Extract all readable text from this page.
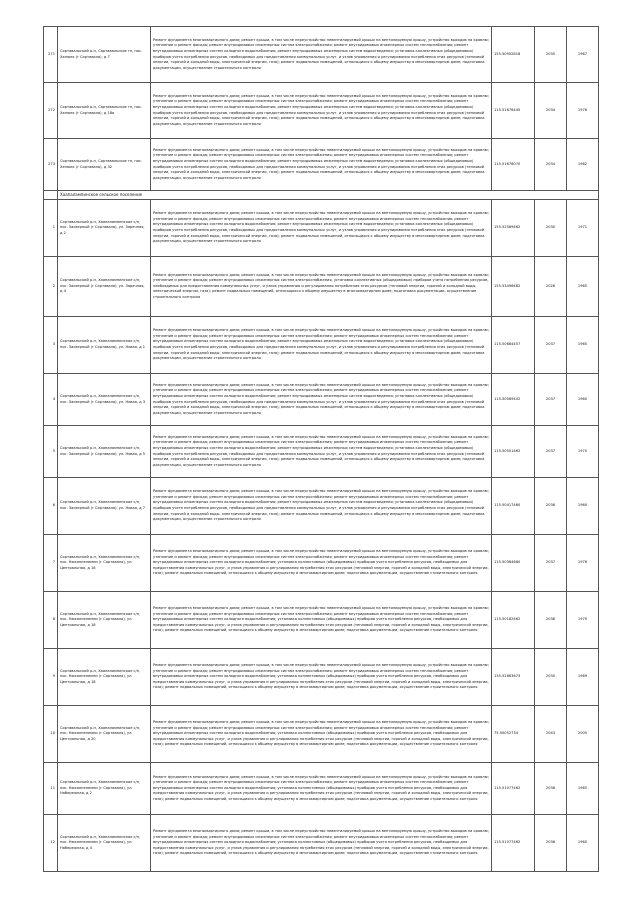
271	Сортавальский р-н, Сортавальское гп, пос. Хелюля (г Сортавала), д 7	Ремонт фундамента многоквартирного дома; ремонт крыши, в том числе переустройство невентилируемой крыши на вентилируемую крышу, устройство выходов на кровлю; утепление и ремонт фасада; ремонт внутридомовых инженерных систем электроснабжения; ремонт внутридомовых инженерных систем теплоснабжения; ремонт внутридомовых инженерных систем холодного водоснабжения; ремонт внутридомовых инженерных систем водоотведения; установка коллективных (общедомовых) приборов учета потребления ресурсов, необходимых для предоставления коммунальных услуг, и узлов управления и регулирования потребления этих ресурсов (тепловой энергии, горячей и холодной воды, электрической энергии, газа); ремонт подвальных помещений, относящихся к общему имуществу в многоквартирном доме; подготовка документации, осуществление строительного контроля	155.50952818	2035	1967
272	Сортавальский р-н, Сортавальское гп, пос. Хелюля (г Сортавала), д 18а	Ремонт фундамента многоквартирного дома; ремонт крыши, в том числе переустройство невентилируемой крыши на вентилируемую крышу, устройство выходов на кровлю; утепление и ремонт фасада; ремонт внутридомовых инженерных систем электроснабжения; ремонт внутридомовых инженерных систем теплоснабжения; ремонт внутридомовых инженерных систем холодного водоснабжения; ремонт внутридомовых инженерных систем водоотведения; установка коллективных (общедомовых) приборов учета потребления ресурсов, необходимых для предоставления коммунальных услуг, и узлов управления и регулирования потребления этих ресурсов (тепловой энергии, горячей и холодной воды, электрической энергии, газа); ремонт подвальных помещений, относящихся к общему имуществу в многоквартирном доме; подготовка документации, осуществление строительного контроля	115.51676445	2034	1976
273	Сортавальский р-н, Сортавальское гп, пос. Хелюля (г Сортавала), д 32	Ремонт фундамента многоквартирного дома; ремонт крыши, в том числе переустройство невентилируемой крыши на вентилируемую крышу, устройство выходов на кровлю; утепление и ремонт фасада; ремонт внутридомовых инженерных систем электроснабжения; ремонт внутридомовых инженерных систем теплоснабжения; ремонт внутридомовых инженерных систем холодного водоснабжения; ремонт внутридомовых инженерных систем водоотведения; установка коллективных (общедомовых) приборов учета потребления ресурсов, необходимых для предоставления коммунальных услуг, и узлов управления и регулирования потребления этих ресурсов (тепловой энергии, горячей и холодной воды, электрической энергии, газа); ремонт подвальных помещений, относящихся к общему имуществу в многоквартирном доме; подготовка документации, осуществление строительного контроля	115.51676070	2034	1962
	Хаапалампинское сельское поселение				
1	Сортавальский р-н, Хаапалампинское с/п, пос. Заозерный (г Сортавала), ул. Заречная, д 2	Ремонт фундамента многоквартирного дома; ремонт крыши, в том числе переустройство невентилируемой крыши на вентилируемую крышу, устройство выходов на кровлю; утепление и ремонт фасада; ремонт внутридомовых инженерных систем электроснабжения; ремонт внутридомовых инженерных систем теплоснабжения; ремонт внутридомовых инженерных систем холодного водоснабжения; ремонт внутридомовых инженерных систем водоотведения; установка коллективных (общедомовых) приборов учета потребления ресурсов, необходимых для предоставления коммунальных услуг, и узлов управления и регулирования потребления этих ресурсов (тепловой энергии, горячей и холодной воды, электрической энергии, газа); ремонт подвальных помещений, относящихся к общему имуществу в многоквартирном доме; подготовка документации, осуществление строительного контроля	155.52589462	2030	1971
2	Сортавальский р-н, Хаапалампинское с/п, пос. Заозерный (г Сортавала), ул. Заречная, д 4	Ремонт фундамента многоквартирного дома; ремонт крыши, в том числе переустройство невентилируемой крыши на вентилируемую крышу, устройство выходов на кровлю; утепление и ремонт фасада; ремонт внутридомовых инженерных систем электроснабжения, установка коллективных (общедомовых) приборов учета потребления ресурсов, необходимых для предоставления коммунальных услуг, и узлов управления и регулирования потребления этих ресурсов (тепловой энергии, горячей и холодной воды, электрической энергии, газа); ремонт подвальных помещений, относящихся к общему имуществу в многоквартирном доме; подготовка документации, осуществление строительного контроля	155.53496482	2026	1965
3	Сортавальский р-н, Хаапалампинское с/п, пос. Заозерный (г Сортавала), ул. Новая, д 1	Ремонт фундамента многоквартирного дома; ремонт крыши, в том числе переустройство невентилируемой крыши на вентилируемую крышу, устройство выходов на кровлю; утепление и ремонт фасада; ремонт внутридомовых инженерных систем электроснабжения; ремонт внутридомовых инженерных систем теплоснабжения; ремонт внутридомовых инженерных систем холодного водоснабжения; ремонт внутридомовых инженерных систем водоотведения; установка коллективных (общедомовых) приборов учета потребления ресурсов, необходимых для предоставления коммунальных услуг, и узлов управления и регулирования потребления этих ресурсов (тепловой энергии, горячей и холодной воды, электрической энергии, газа); ремонт подвальных помещений, относящихся к общему имуществу в многоквартирном доме; подготовка документации, осуществление строительного контроля	115.50684457	2037	1965
4	Сортавальский р-н, Хаапалампинское с/п, пос. Заозерный (г Сортавала), ул. Новая, д 3	Ремонт фундамента многоквартирного дома; ремонт крыши, в том числе переустройство невентилируемой крыши на вентилируемую крышу, устройство выходов на кровлю; утепление и ремонт фасада; ремонт внутридомовых инженерных систем электроснабжения; ремонт внутридомовых инженерных систем теплоснабжения; ремонт внутридомовых инженерных систем холодного водоснабжения; ремонт внутридомовых инженерных систем водоотведения; установка коллективных (общедомовых) приборов учета потребления ресурсов, необходимых для предоставления коммунальных услуг, и узлов управления и регулирования потребления этих ресурсов (тепловой энергии, горячей и холодной воды, электрической энергии, газа); ремонт подвальных помещений, относящихся к общему имуществу в многоквартирном доме; подготовка документации, осуществление строительного контроля	115.50589402	2037	1960
5	Сортавальский р-н, Хаапалампинское с/п, пос. Заозерный (г Сортавала), ул. Новая, д 5	Ремонт фундамента многоквартирного дома; ремонт крыши, в том числе переустройство невентилируемой крыши на вентилируемую крышу, устройство выходов на кровлю; утепление и ремонт фасада; ремонт внутридомовых инженерных систем электроснабжения; ремонт внутридомовых инженерных систем теплоснабжения; ремонт внутридомовых инженерных систем холодного водоснабжения; ремонт внутридомовых инженерных систем водоотведения; установка коллективных (общедомовых) приборов учета потребления ресурсов, необходимых для предоставления коммунальных услуг, и узлов управления и регулирования потребления этих ресурсов (тепловой энергии, горячей и холодной воды, электрической энергии, газа); ремонт подвальных помещений, относящихся к общему имуществу в многоквартирном доме; подготовка документации, осуществление строительного контроля	115.50501462	2037	1970
6	Сортавальский р-н, Хаапалампинское с/п, пос. Заозерный (г Сортавала), ул. Новая, д 7	Ремонт фундамента многоквартирного дома; ремонт крыши, в том числе переустройство невентилируемой крыши на вентилируемую крышу, устройство выходов на кровлю; утепление и ремонт фасада; ремонт внутридомовых инженерных систем электроснабжения; ремонт внутридомовых инженерных систем теплоснабжения; ремонт внутридомовых инженерных систем холодного водоснабжения; ремонт внутридомовых инженерных систем водоотведения; установка коллективных (общедомовых) приборов учета потребления ресурсов, необходимых для предоставления коммунальных услуг, и узлов управления и регулирования потребления этих ресурсов (тепловой энергии, горячей и холодной воды, электрической энергии, газа); ремонт подвальных помещений, относящихся к общему имуществу в многоквартирном доме; подготовка документации, осуществление строительного контроля	115.50417460	2036	1960
7	Сортавальский р-н, Хаапалампинское с/п, пос. Нюхяннелемпи (г Сортавала), ул. Центральная, д 16	Ремонт фундамента многоквартирного дома; ремонт крыши, в том числе переустройство невентилируемой крыши на вентилируемую крышу, устройство выходов на кровлю; утепление и ремонт фасада; ремонт внутридомовых инженерных систем электроснабжения; ремонт внутридомовых инженерных систем теплоснабжения; ремонт внутридомовых инженерных систем холодного водоснабжения; установка коллективных (общедомовых) приборов учета потребления ресурсов, необходимых для предоставления коммунальных услуг, и узлов управления и регулирования потребления этих ресурсов (тепловой энергии, горячей и холодной воды, электрической энергии, газа); ремонт подвальных помещений, относящихся к общему имуществу в многоквартирном доме; подготовка документации, осуществление строительного контроля	115.50384660	2037	1976
8	Сортавальский р-н, Хаапалампинское с/п, пос. Нюхяннелемпи (г Сортавала), ул. Центральная, д 18	Ремонт фундамента многоквартирного дома; ремонт крыши, в том числе переустройство невентилируемой крыши на вентилируемую крышу, устройство выходов на кровлю; утепление и ремонт фасада; ремонт внутридомовых инженерных систем электроснабжения; ремонт внутридомовых инженерных систем теплоснабжения; ремонт внутридомовых инженерных систем холодного водоснабжения; установка коллективных (общедомовых) приборов учета потребления ресурсов, необходимых для предоставления коммунальных услуг, и узлов управления и регулирования потребления этих ресурсов (тепловой энергии, горячей и холодной воды, электрической энергии, газа); ремонт подвальных помещений, относящихся к общему имуществу в многоквартирном доме; подготовка документации, осуществление строительного контроля	115.50182462	2036	1979
9	Сортавальский р-н, Хаапалампинское с/п, пос. Нюхяннелемпи (г Сортавала), ул. Центральная, д 18	Ремонт фундамента многоквартирного дома; ремонт крыши, в том числе переустройство невентилируемой крыши на вентилируемую крышу, устройство выходов на кровлю; утепление и ремонт фасада; ремонт внутридомовых инженерных систем электроснабжения; ремонт внутридомовых инженерных систем теплоснабжения; ремонт внутридомовых инженерных систем холодного водоснабжения; установка коллективных (общедомовых) приборов учета потребления ресурсов, необходимых для предоставления коммунальных услуг, и узлов управления и регулирования потребления этих ресурсов (тепловой энергии, горячей и холодной воды, электрической энергии, газа); ремонт подвальных помещений, относящихся к общему имуществу в многоквартирном доме; подготовка документации, осуществление строительного контроля	135.52863673	2030	1969
10	Сортавальский р-н, Хаапалампинское с/п, пос. Нюхяннелемпи (г Сортавала), ул. Центральная, д 20	Ремонт фундамента многоквартирного дома; ремонт крыши, в том числе переустройство невентилируемой крыши на вентилируемую крышу, устройство выходов на кровлю; утепление и ремонт фасада; ремонт внутридомовых инженерных систем электроснабжения; ремонт внутридомовых инженерных систем теплоснабжения; ремонт внутридомовых инженерных систем холодного водоснабжения; установка коллективных (общедомовых) приборов учета потребления ресурсов, необходимых для предоставления коммунальных услуг, и узлов управления и регулирования потребления этих ресурсов (тепловой энергии, горячей и холодной воды, электрической энергии, газа); ремонт подвальных помещений, относящихся к общему имуществу в многоквартирном доме; подготовка документации, осуществление строительного контроля	75.50052734	2043	2005
11	Сортавальский р-н, Хаапалампинское с/п, пос. Нюхяннелемпи (г Сортавала), ул. Набережная, д 2	Ремонт фундамента многоквартирного дома; ремонт крыши, в том числе переустройство невентилируемой крыши на вентилируемую крышу, устройство выходов на кровлю; утепление и ремонт фасада; ремонт внутридомовых инженерных систем электроснабжения; ремонт внутридомовых инженерных систем теплоснабжения; ремонт внутридомовых инженерных систем холодного водоснабжения; установка коллективных (общедомовых) приборов учета потребления ресурсов, необходимых для предоставления коммунальных услуг, и узлов управления и регулирования потребления этих ресурсов (тепловой энергии, горячей и холодной воды, электрической энергии, газа); ремонт подвальных помещений, относящихся к общему имуществу в многоквартирном доме; подготовка документации, осуществление строительного контроля	115.51077462	2036	1965
12	Сортавальский р-н, Хаапалампинское с/п, пос. Нюхяннелемпи (г Сортавала), ул. Набережная, д 4	Ремонт фундамента многоквартирного дома; ремонт крыши, в том числе переустройство невентилируемой крыши на вентилируемую крышу, устройство выходов на кровлю; утепление и ремонт фасада; ремонт внутридомовых инженерных систем электроснабжения; ремонт внутридомовых инженерных систем теплоснабжения; ремонт внутридомовых инженерных систем холодного водоснабжения; установка коллективных (общедомовых) приборов учета потребления ресурсов, необходимых для предоставления коммунальных услуг, и узлов управления и регулирования потребления этих ресурсов (тепловой энергии, горячей и холодной воды, электрической энергии, газа); ремонт подвальных помещений, относящихся к общему имуществу в многоквартирном доме; подготовка документации, осуществление строительного контроля	115.51077462	2036	1960
